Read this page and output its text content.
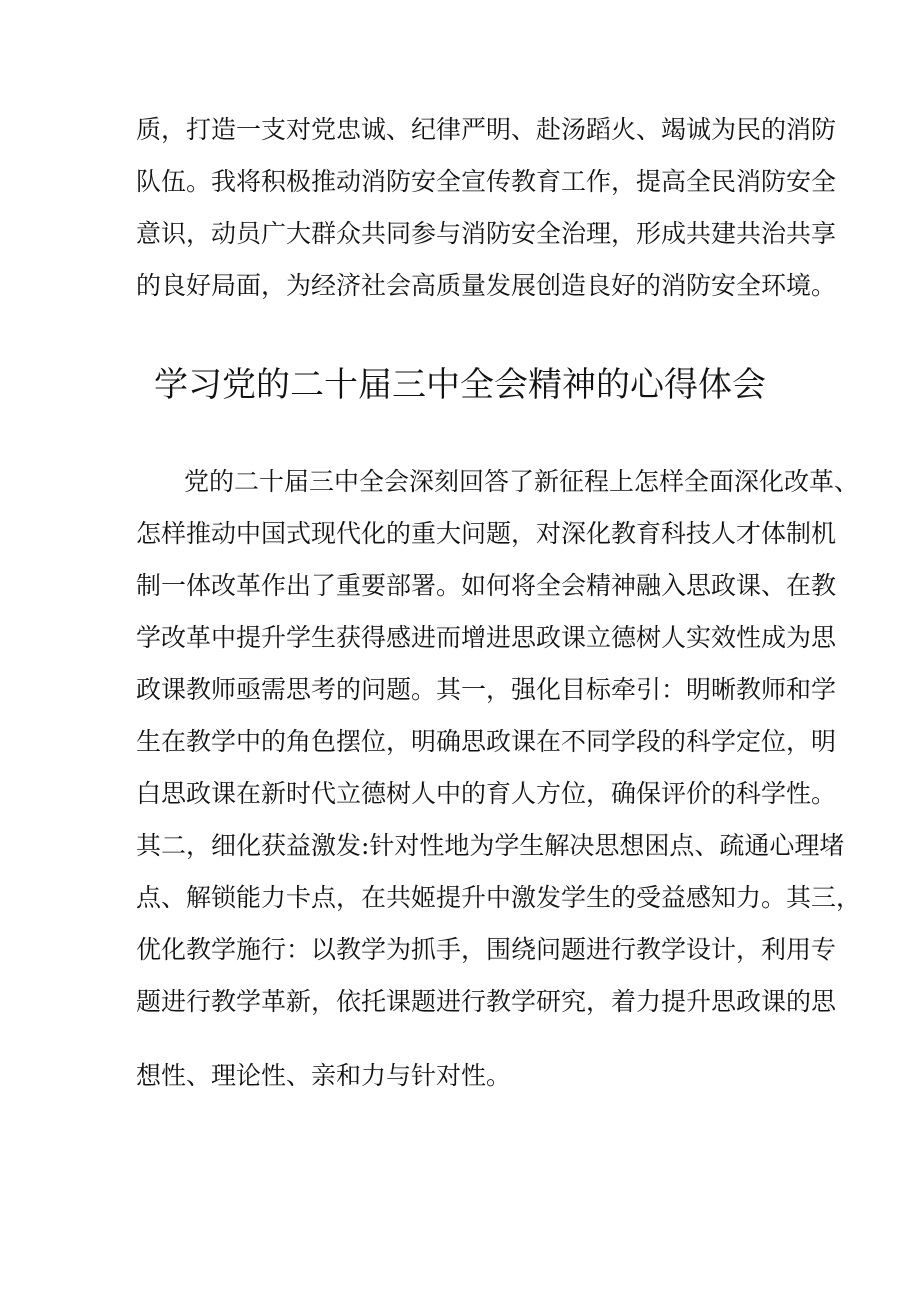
质，打造一支对党忠诚、纪律严明、赴汤蹈火、竭诚为民的消防
队伍。我将积极推动消防安全宣传教育工作，提高全民消防安全
意识，动员广大群众共同参与消防安全治理，形成共建共治共享
的良好局面，为经济社会高质量发展创造良好的消防安全环境。
学习党的二十届三中全会精神的心得体会
党的二十届三中全会深刻回答了新征程上怎样全面深化改革、
怎样推动中国式现代化的重大问题，对深化教育科技人才体制机
制一体改革作出了重要部署。如何将全会精神融入思政课、在教
学改革中提升学生获得感进而增进思政课立德树人实效性成为思
政课教师亟需思考的问题。其一，强化目标牵引：明晰教师和学
生在教学中的角色摆位，明确思政课在不同学段的科学定位，明
白思政课在新时代立德树人中的育人方位，确保评价的科学性。
其二，细化获益激发:针对性地为学生解决思想困点、疏通心理堵
点、解锁能力卡点，在共姬提升中激发学生的受益感知力。其三，
优化教学施行：以教学为抓手，围绕问题进行教学设计，利用专
题进行教学革新，依托课题进行教学研究，着力提升思政课的思
想性、理论性、亲和力与针对性。
